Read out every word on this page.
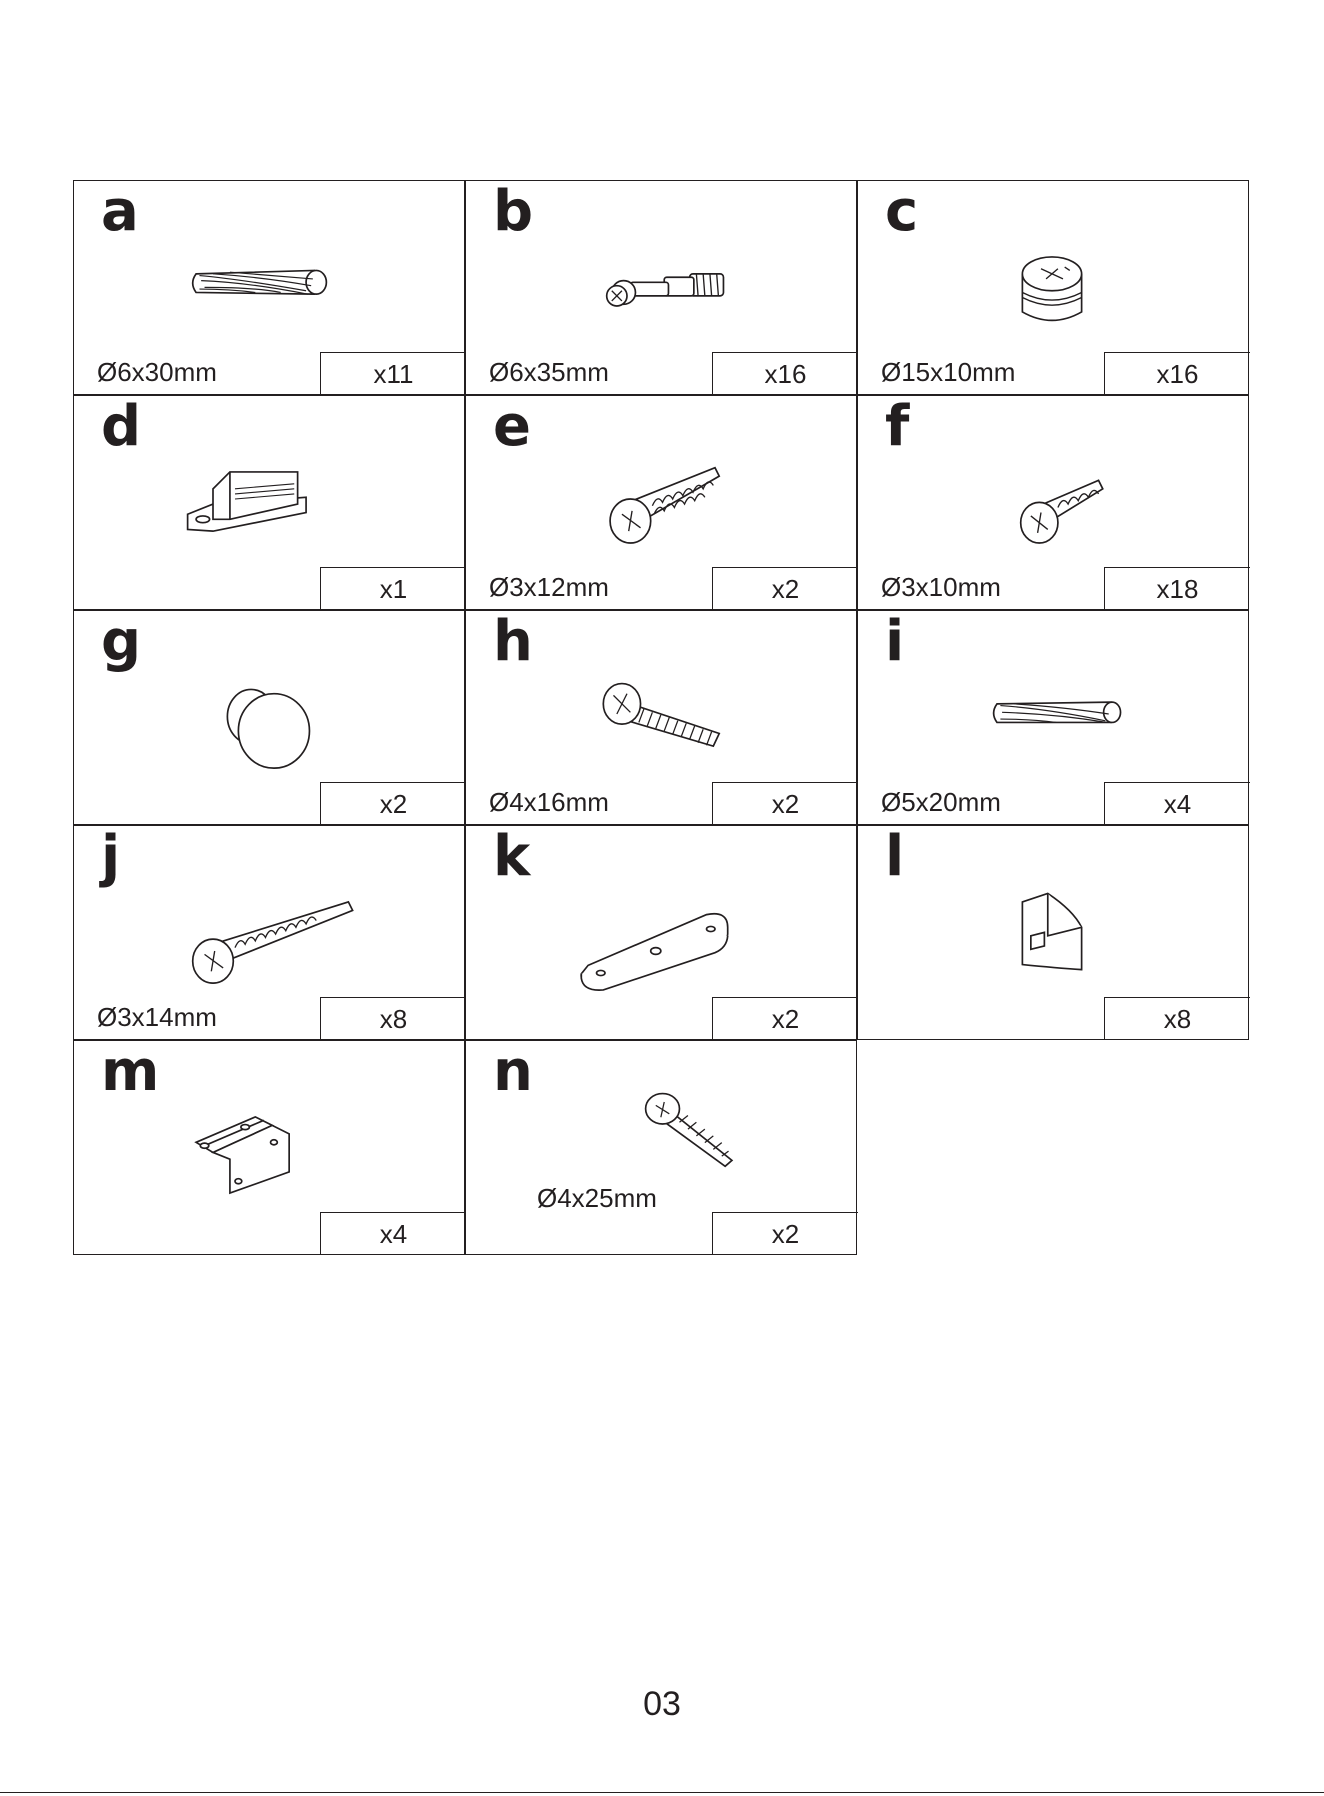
a
Ø6x30mm	x11
b
Ø6x35mm	x16
c
Ø15x10mm	x16
d
x1
e
Ø3x12mm	x2
f
Ø3x10mm	x18
g
x2
h
Ø4x16mm	x2
i
Ø5x20mm	x4
j
Ø3x14mm	x8
k
x2
l
x8
m
x4
n
Ø4x25mm
x2
03
